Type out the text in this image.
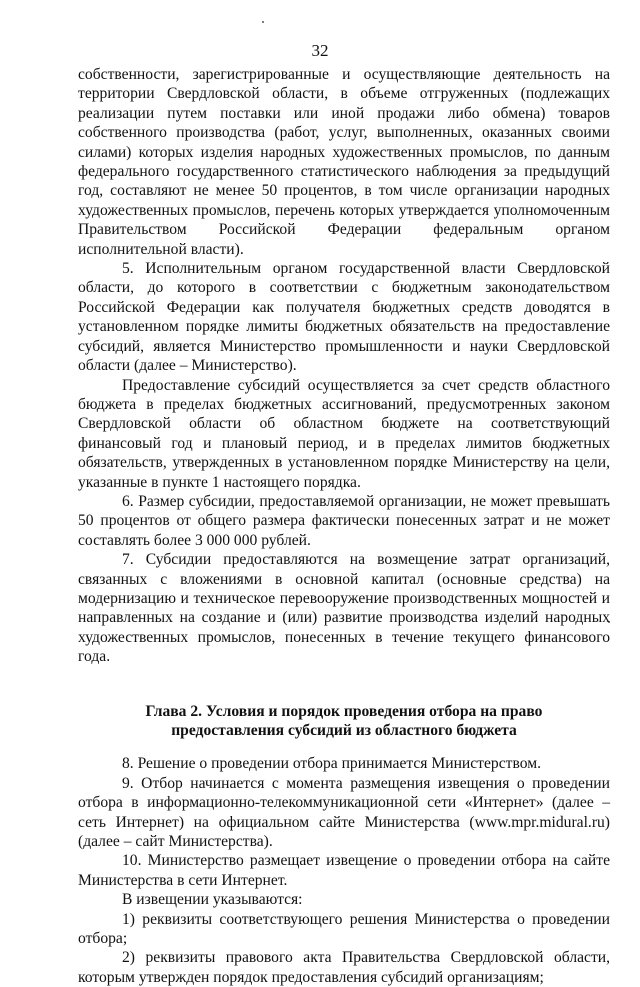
32

собственности, зарегистрированные и осуществляющие деятельность на территории Свердловской области, в объеме отгруженных (подлежащих реализации путем поставки или иной продажи либо обмена) товаров собственного производства (работ, услуг, выполненных, оказанных своими силами) которых изделия народных художественных промыслов, по данным федерального государственного статистического наблюдения за предыдущий год, составляют не менее 50 процентов, в том числе организации народных художественных промыслов, перечень которых утверждается уполномоченным Правительством Российской Федерации федеральным органом исполнительной власти).

5. Исполнительным органом государственной власти Свердловской области, до которого в соответствии с бюджетным законодательством Российской Федерации как получателя бюджетных средств доводятся в установленном порядке лимиты бюджетных обязательств на предоставление субсидий, является Министерство промышленности и науки Свердловской области (далее – Министерство).

Предоставление субсидий осуществляется за счет средств областного бюджета в пределах бюджетных ассигнований, предусмотренных законом Свердловской области об областном бюджете на соответствующий финансовый год и плановый период, и в пределах лимитов бюджетных обязательств, утвержденных в установленном порядке Министерству на цели, указанные в пункте 1 настоящего порядка.

6. Размер субсидии, предоставляемой организации, не может превышать 50 процентов от общего размера фактически понесенных затрат и не может составлять более 3 000 000 рублей.

7. Субсидии предоставляются на возмещение затрат организаций, связанных с вложениями в основной капитал (основные средства) на модернизацию и техническое перевооружение производственных мощностей и направленных на создание и (или) развитие производства изделий народных художественных промыслов, понесенных в течение текущего финансового года.

Глава 2. Условия и порядок проведения отбора на право предоставления субсидий из областного бюджета

8. Решение о проведении отбора принимается Министерством.

9. Отбор начинается с момента размещения извещения о проведении отбора в информационно-телекоммуникационной сети «Интернет» (далее – сеть Интернет) на официальном сайте Министерства (www.mpr.midural.ru) (далее – сайт Министерства).

10. Министерство размещает извещение о проведении отбора на сайте Министерства в сети Интернет.

В извещении указываются:

1) реквизиты соответствующего решения Министерства о проведении отбора;

2) реквизиты правового акта Правительства Свердловской области, которым утвержден порядок предоставления субсидий организациям;
